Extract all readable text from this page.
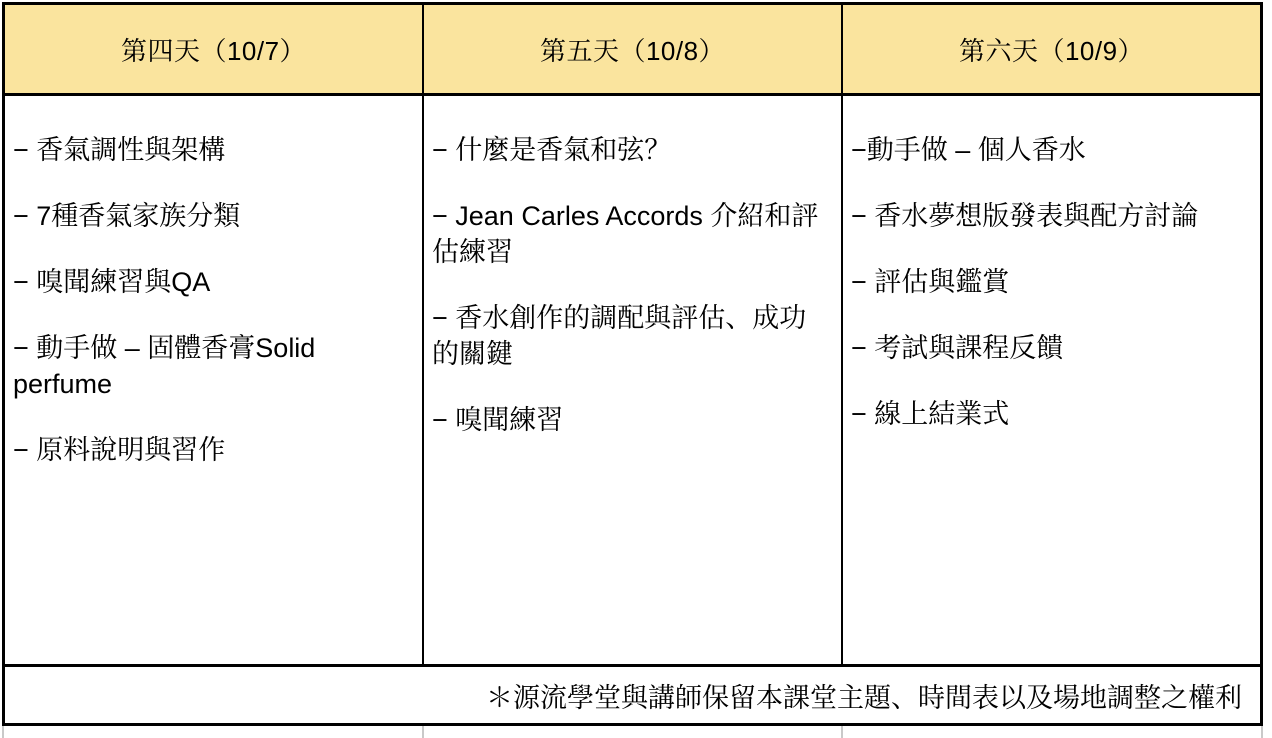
第四天（10/7）	第五天（10/8）	第六天（10/9）

− 香氣調性與架構

− 7種香氣家族分類

− 嗅聞練習與QA

− 動手做 – 固體香膏Solid perfume

− 原料說明與習作

− 什麼是香氣和弦？

− Jean Carles Accords 介紹和評估練習

− 香水創作的調配與評估、成功的關鍵

− 嗅聞練習

−動手做 – 個人香水

− 香水夢想版發表與配方討論

− 評估與鑑賞

− 考試與課程反饋

− 線上結業式

＊源流學堂與講師保留本課堂主題、時間表以及場地調整之權利
